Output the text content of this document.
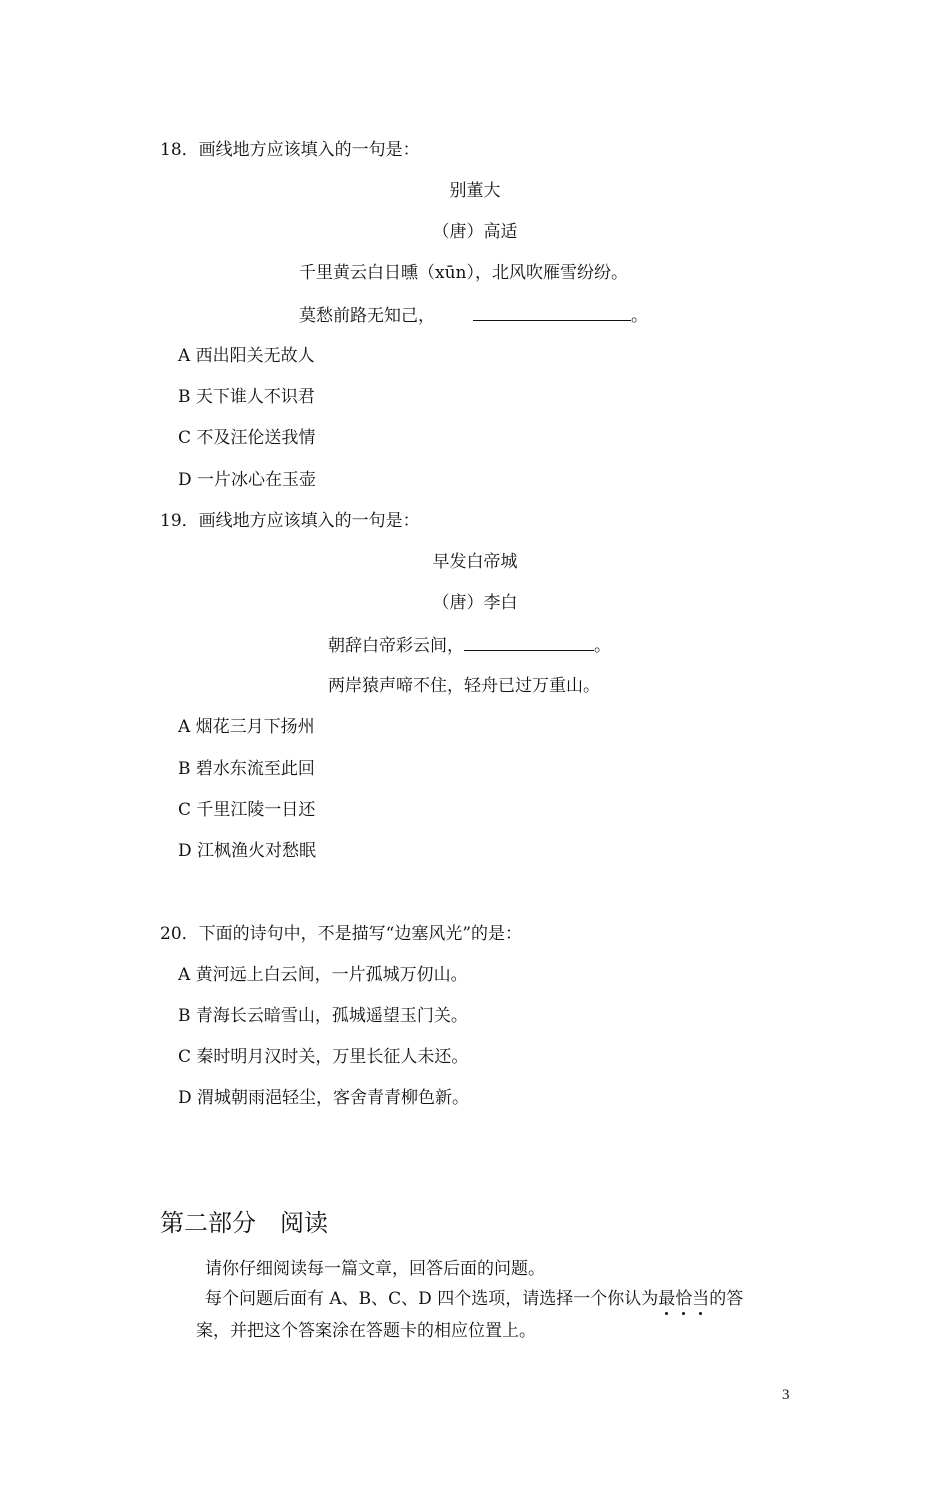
18．画线地方应该填入的一句是：
别董大
（唐）高适
千里黄云白日曛（xūn），北风吹雁雪纷纷。
莫愁前路无知己，	。
A 西出阳关无故人
B 天下谁人不识君
C 不及汪伦送我情
D 一片冰心在玉壶
19．画线地方应该填入的一句是：
早发白帝城
（唐）李白
朝辞白帝彩云间，	。
两岸猿声啼不住，轻舟已过万重山。
A 烟花三月下扬州
B 碧水东流至此回
C 千里江陵一日还
D 江枫渔火对愁眠
20．下面的诗句中，不是描写“边塞风光”的是：
A 黄河远上白云间，一片孤城万仞山。
B 青海长云暗雪山，孤城遥望玉门关。
C 秦时明月汉时关，万里长征人未还。
D 渭城朝雨浥轻尘，客舍青青柳色新。
第二部分　阅读
请你仔细阅读每一篇文章，回答后面的问题。
每个问题后面有 A、B、C、D 四个选项，请选择一个你认为最恰当
的答
案，并把这个答案涂在答题卡的相应位置上。
3
